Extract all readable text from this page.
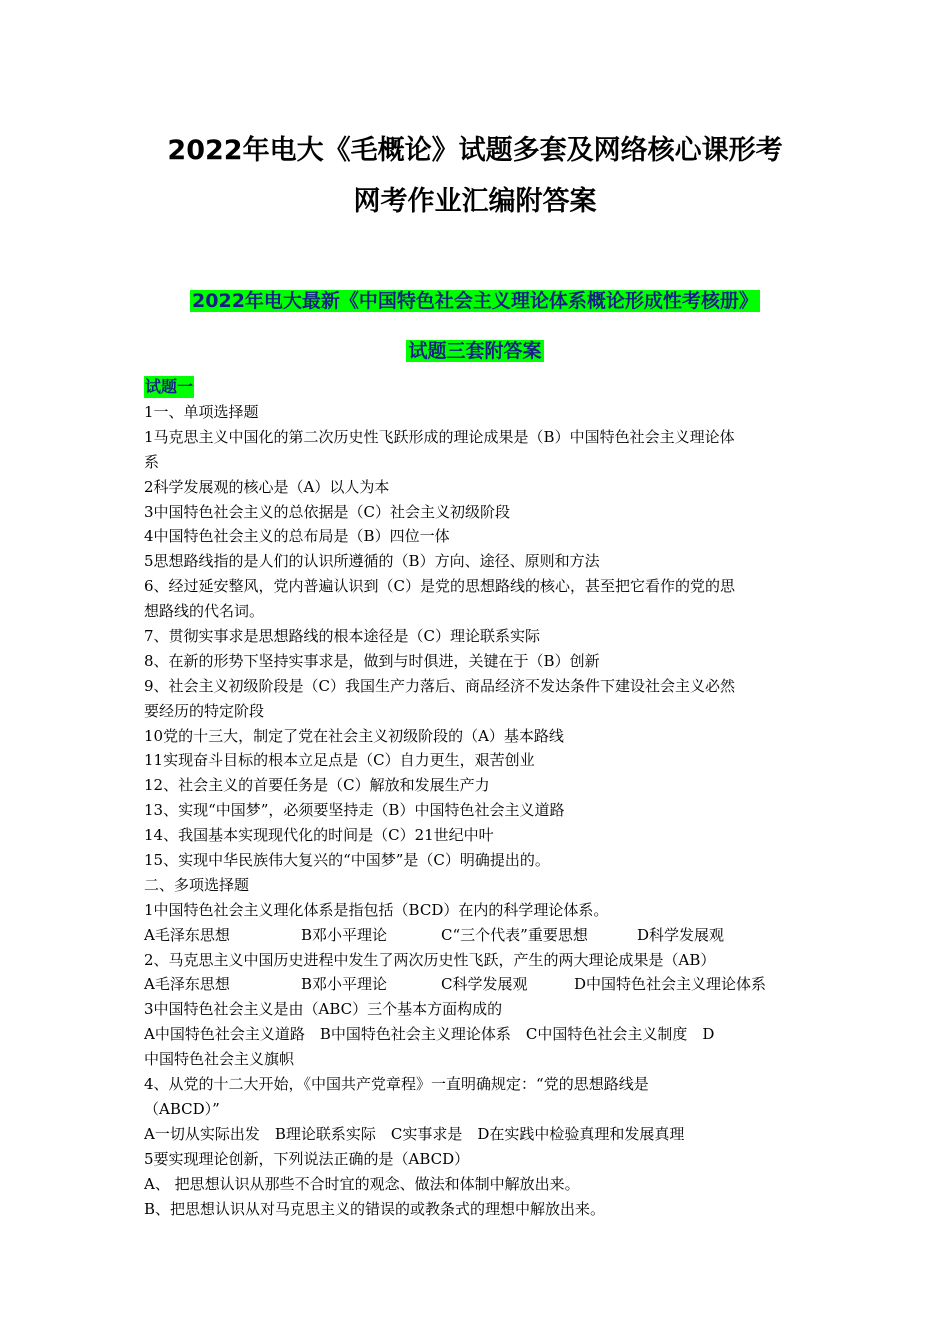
2022年电大《毛概论》试题多套及网络核心课形考
网考作业汇编附答案
2022年电大最新《中国特色社会主义理论体系概论形成性考核册》
试题三套附答案
试题一
1一、单项选择题
1马克思主义中国化的第二次历史性飞跃形成的理论成果是（B）中国特色社会主义理论体
系
2科学发展观的核心是（A）以人为本
3中国特色社会主义的总依据是（C）社会主义初级阶段
4中国特色社会主义的总布局是（B）四位一体
5思想路线指的是人们的认识所遵循的（B）方向、途径、原则和方法
6、经过延安整风，党内普遍认识到（C）是党的思想路线的核心，甚至把它看作的党的思
想路线的代名词。
7、贯彻实事求是思想路线的根本途径是（C）理论联系实际
8、在新的形势下坚持实事求是，做到与时俱进，关键在于（B）创新
9、社会主义初级阶段是（C）我国生产力落后、商品经济不发达条件下建设社会主义必然
要经历的特定阶段
10党的十三大，制定了党在社会主义初级阶段的（A）基本路线
11实现奋斗目标的根本立足点是（C）自力更生，艰苦创业
12、社会主义的首要任务是（C）解放和发展生产力
13、实现“中国梦”，必须要坚持走（B）中国特色社会主义道路
14、我国基本实现现代化的时间是（C）21世纪中叶
15、实现中华民族伟大复兴的“中国梦”是（C）明确提出的。
二、多项选择题
1中国特色社会主义理化体系是指包括（BCD）在内的科学理论体系。
A毛泽东思想	B邓小平理论	C“三个代表”重要思想	D科学发展观
2、马克思主义中国历史进程中发生了两次历史性飞跃，产生的两大理论成果是（AB）
A毛泽东思想	B邓小平理论	C科学发展观	D中国特色社会主义理论体系
3中国特色社会主义是由（ABC）三个基本方面构成的
A中国特色社会主义道路　B中国特色社会主义理论体系　C中国特色社会主义制度　D
中国特色社会主义旗帜
4、从党的十二大开始，《中国共产党章程》一直明确规定：“党的思想路线是
（ABCD）”
A一切从实际出发　B理论联系实际　C实事求是　D在实践中检验真理和发展真理
5要实现理论创新，下列说法正确的是（ABCD）
A、 把思想认识从那些不合时宜的观念、做法和体制中解放出来。
B、把思想认识从对马克思主义的错误的或教条式的理想中解放出来。
